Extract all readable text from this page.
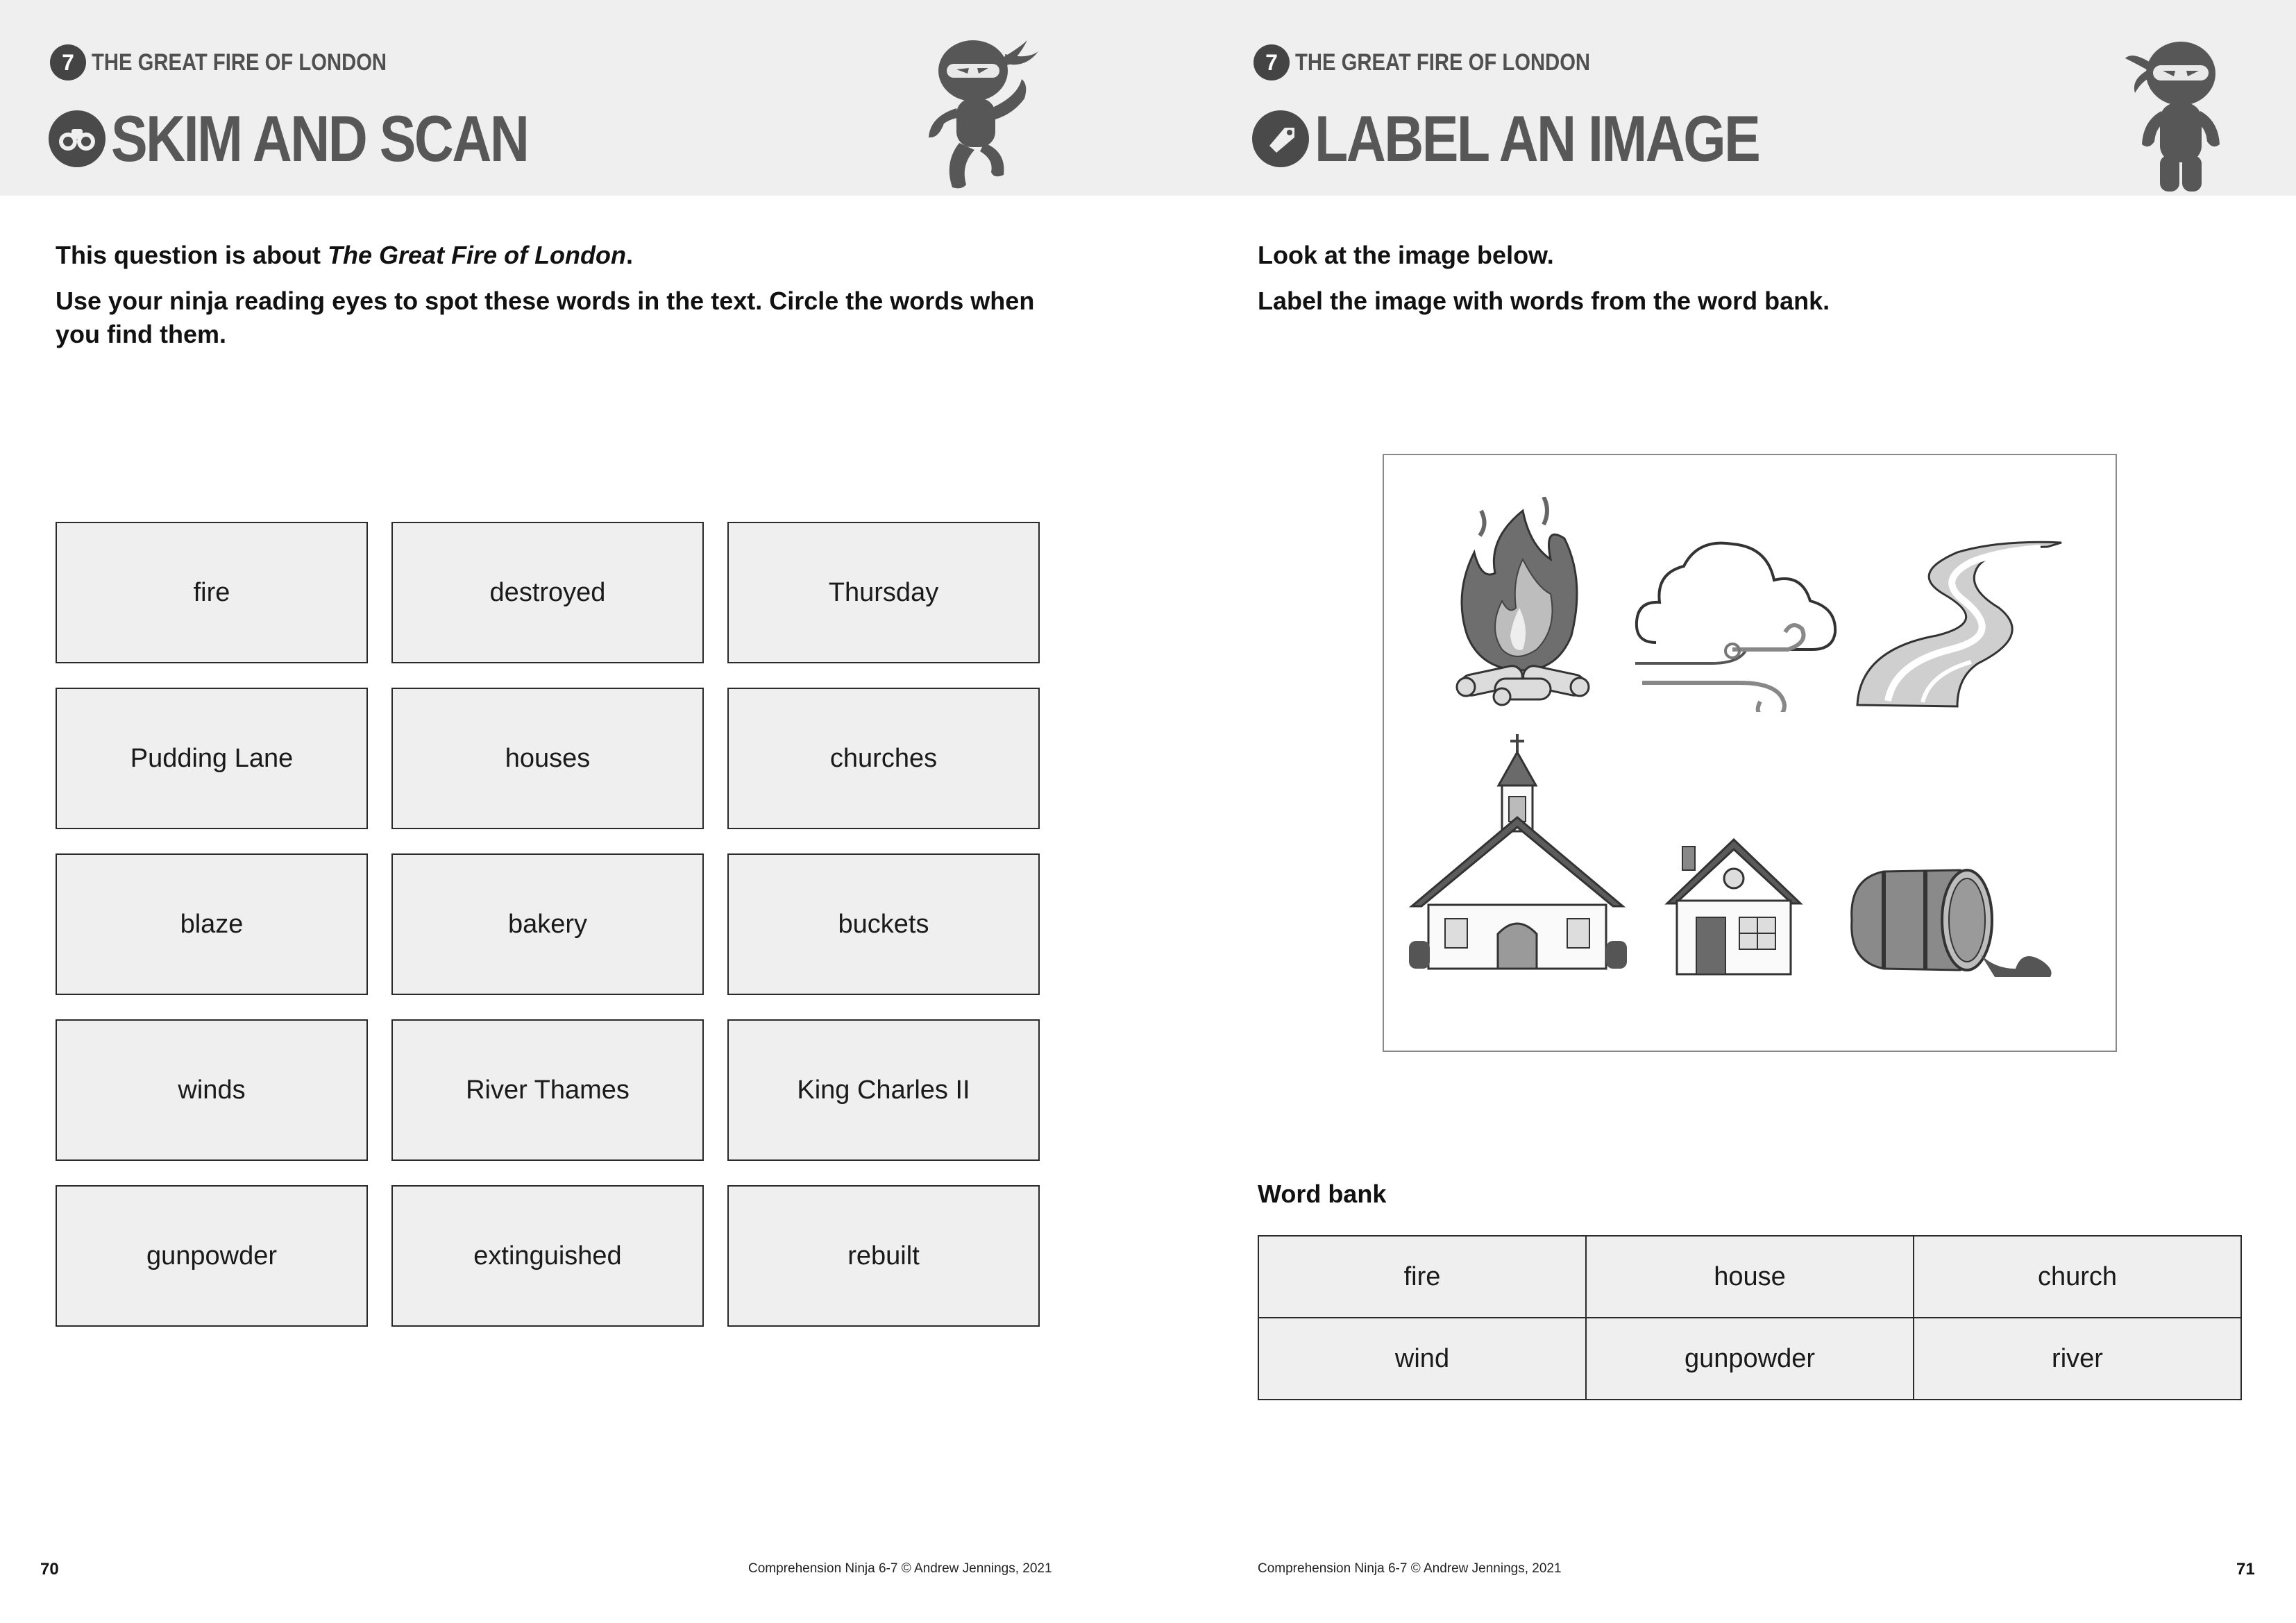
7 THE GREAT FIRE OF LONDON
SKIM AND SCAN
This question is about The Great Fire of London.
Use your ninja reading eyes to spot these words in the text. Circle the words when you find them.
fire	destroyed	Thursday
Pudding Lane	houses	churches
blaze	bakery	buckets
winds	River Thames	King Charles II
gunpowder	extinguished	rebuilt
70	Comprehension Ninja 6-7 © Andrew Jennings, 2021
7 THE GREAT FIRE OF LONDON
LABEL AN IMAGE
Look at the image below.
Label the image with words from the word bank.
Word bank
fire	house	church
wind	gunpowder	river
Comprehension Ninja 6-7 © Andrew Jennings, 2021	71
